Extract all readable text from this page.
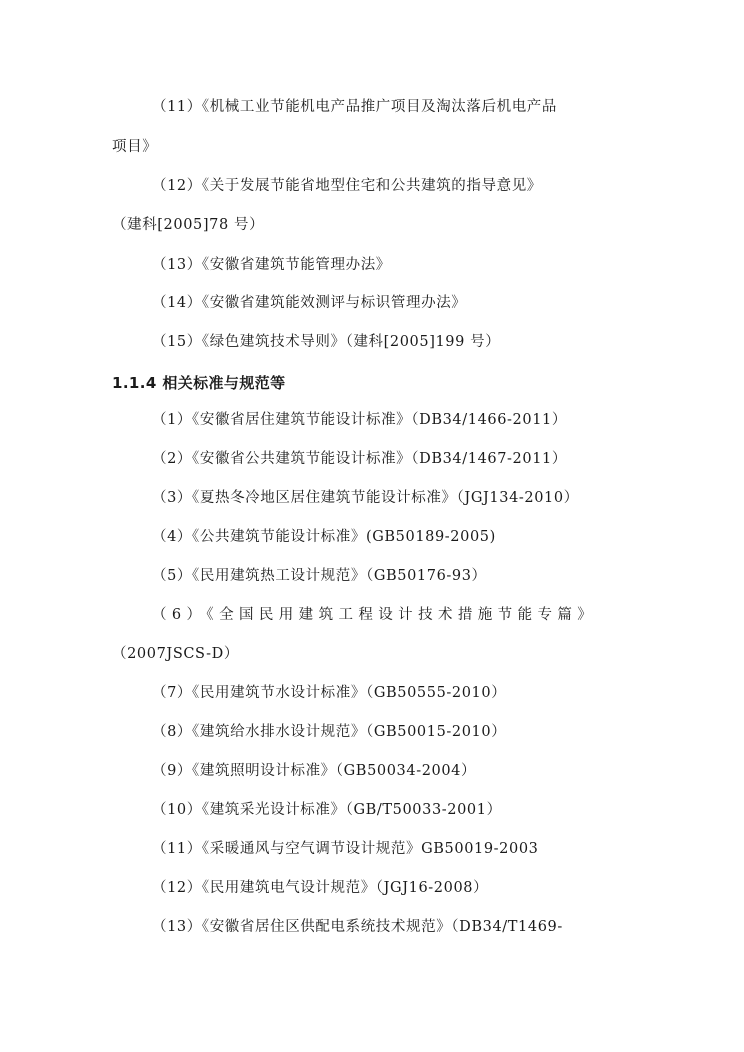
（11）《机械工业节能机电产品推广项目及淘汰落后机电产品
项目》
（12）《关于发展节能省地型住宅和公共建筑的指导意见》
（建科[2005]78 号）
（13）《安徽省建筑节能管理办法》
（14）《安徽省建筑能效测评与标识管理办法》
（15）《绿色建筑技术导则》（建科[2005]199 号）
1.1.4 相关标准与规范等
（1）《安徽省居住建筑节能设计标准》（DB34/1466-2011）
（2）《安徽省公共建筑节能设计标准》（DB34/1467-2011）
（3）《夏热冬冷地区居住建筑节能设计标准》（JGJ134-2010）
（4）《公共建筑节能设计标准》(GB50189-2005)
（5）《民用建筑热工设计规范》（GB50176-93）
（6）《全国民用建筑工程设计技术措施节能专篇》
（2007JSCS-D）
（7）《民用建筑节水设计标准》（GB50555-2010）
（8）《建筑给水排水设计规范》（GB50015-2010）
（9）《建筑照明设计标准》（GB50034-2004）
（10）《建筑采光设计标准》（GB/T50033-2001）
（11）《采暖通风与空气调节设计规范》GB50019-2003
（12）《民用建筑电气设计规范》（JGJ16-2008）
（13）《安徽省居住区供配电系统技术规范》（DB34/T1469-
